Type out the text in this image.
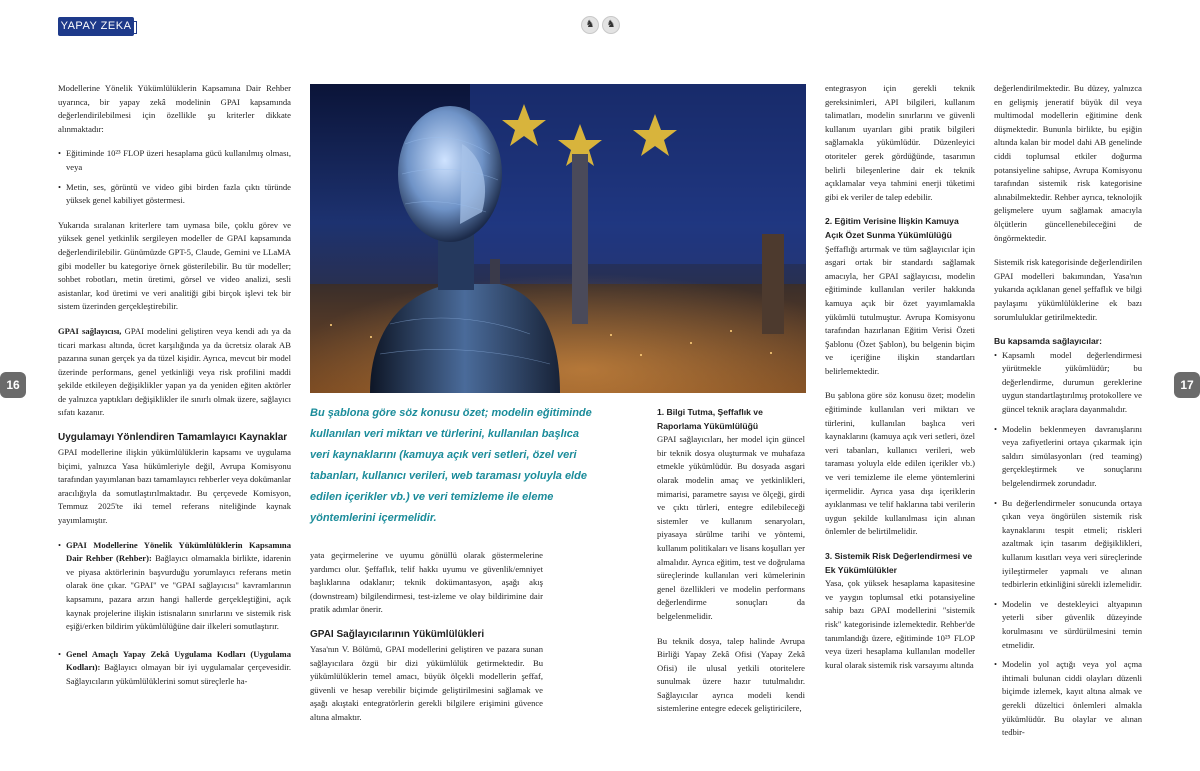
YAPAY ZEKA	♞	♞
16	17

Modellerine Yönelik Yükümlülüklerin Kapsamına Dair Rehber uyarınca, bir yapay zekâ modelinin GPAI kapsamında değerlendirilebilmesi için özellikle şu kriterler dikkate alınmaktadır:

• Eğitiminde 10²³ FLOP üzeri hesaplama gücü kullanılmış olması, veya
• Metin, ses, görüntü ve video gibi birden fazla çıktı türünde yüksek genel kabiliyet göstermesi.

Yukarıda sıralanan kriterlere tam uymasa bile, çoklu görev ve yüksek genel yetkinlik sergileyen modeller de GPAI kapsamında değerlendirilebilir. Günümüzde GPT-5, Claude, Gemini ve LLaMA gibi modeller bu kategoriye örnek gösterilebilir. Bu tür modeller; sohbet robotları, metin üretimi, görsel ve video analizi, sesli asistanlar, kod üretimi ve veri analitiği gibi birçok işlevi tek bir sistem üzerinden gerçekleştirebilir.

GPAI sağlayıcısı, GPAI modelini geliştiren veya kendi adı ya da ticari markası altında, ücret karşılığında ya da ücretsiz olarak AB pazarına sunan gerçek ya da tüzel kişidir. Ayrıca, mevcut bir model üzerinde performans, genel yetkinliği veya risk profilini maddi şekilde etkileyen değişiklikler yapan ya da yeniden eğiten aktörler de yalnızca yaptıkları değişiklikler ile sınırlı olmak üzere, sağlayıcı sıfatı kazanır.

Uygulamayı Yönlendiren Tamamlayıcı Kaynaklar

GPAI modellerine ilişkin yükümlülüklerin kapsamı ve uygulama biçimi, yalnızca Yasa hükümleriyle değil, Avrupa Komisyonu tarafından yayımlanan bazı tamamlayıcı rehberler veya dokümanlar aracılığıyla da somutlaştırılmaktadır. Bu çerçevede Komisyon, Temmuz 2025'te iki temel referans niteliğinde kaynak yayımlamıştır.

• GPAI Modellerine Yönelik Yükümlülüklerin Kapsamına Dair Rehber (Rehber): Bağlayıcı olmamakla birlikte, idarenin ve piyasa aktörlerinin başvurduğu yorumlayıcı referans metin olarak öne çıkar. "GPAI" ve "GPAI sağlayıcısı" kavramlarının kapsamını, pazara arzın hangi hallerde gerçekleştiğini, açık kaynak projelerine ilişkin istisnaların sınırlarını ve sistemik risk eşiği/erken bildirim yükümlülüğüne dair ilkeleri somutlaştırır.
• Genel Amaçlı Yapay Zekâ Uygulama Kodları (Uygulama Kodları): Bağlayıcı olmayan bir iyi uygulamalar çerçevesidir. Sağlayıcıların yükümlülüklerini somut süreçlerle ha-
Bu şablona göre söz konusu özet; modelin eğitiminde kullanılan veri miktarı ve türlerini, kullanılan başlıca veri kaynaklarını (kamuya açık veri setleri, özel veri tabanları, kullanıcı verileri, web taraması yoluyla elde edilen içerikler vb.) ve veri temizleme ile eleme yöntemlerini içermelidir.

yata geçirmelerine ve uyumu gönüllü olarak göstermelerine yardımcı olur. Şeffaflık, telif hakkı uyumu ve güvenlik/emniyet başlıklarına odaklanır; teknik dokümantasyon, aşağı akış (downstream) bilgilendirmesi, test-izleme ve olay bildirimine dair pratik adımlar önerir.

GPAI Sağlayıcılarının Yükümlülükleri

Yasa'nın V. Bölümü, GPAI modellerini geliştiren ve pazara sunan sağlayıcılara özgü bir dizi yükümlülük getirmektedir. Bu yükümlülüklerin temel amacı, büyük ölçekli modellerin şeffaf, güvenli ve hesap verebilir biçimde geliştirilmesini sağlamak ve aşağı akıştaki entegratörlerin gerekli bilgilere erişimini güvence altına almaktır.

1. Bilgi Tutma, Şeffaflık ve Raporlama Yükümlülüğü

GPAI sağlayıcıları, her model için güncel bir teknik dosya oluşturmak ve muhafaza etmekle yükümlüdür. Bu dosyada asgari olarak modelin amaç ve yetkinlikleri, mimarisi, parametre sayısı ve ölçeği, girdi ve çıktı türleri, entegre edilebileceği sistemler ve kullanım senaryoları, piyasaya sürülme tarihi ve yöntemi, kullanım politikaları ve lisans koşulları yer almalıdır. Ayrıca eğitim, test ve doğrulama süreçlerinde kullanılan veri kümelerinin genel özellikleri ve modelin performans değerlendirme sonuçları da belgelenmelidir.

Bu teknik dosya, talep halinde Avrupa Birliği Yapay Zekâ Ofisi (Yapay Zekâ Ofisi) ile ulusal yetkili otoritelere sunulmak üzere hazır tutulmalıdır. Sağlayıcılar ayrıca modeli kendi sistemlerine entegre edecek geliştiricilere,

entegrasyon için gerekli teknik gereksinimleri, API bilgileri, kullanım talimatları, modelin sınırlarını ve güvenli kullanım uyarıları gibi pratik bilgileri sağlamakla yükümlüdür. Düzenleyici otoriteler gerek gördüğünde, tasarımın belirli bileşenlerine dair ek teknik açıklamalar veya tahmini enerji tüketimi gibi ek veriler de talep edebilir.

2. Eğitim Verisine İlişkin Kamuya Açık Özet Sunma Yükümlülüğü

Şeffaflığı artırmak ve tüm sağlayıcılar için asgari ortak bir standardı sağlamak amacıyla, her GPAI sağlayıcısı, modelin eğitiminde kullanılan veriler hakkında kamuya açık bir özet yayımlamakla yükümlü tutulmuştur. Avrupa Komisyonu tarafından hazırlanan Eğitim Verisi Özeti Şablonu (Özet Şablon), bu belgenin biçim ve içeriğine ilişkin standartları belirlemektedir.

Bu şablona göre söz konusu özet; modelin eğitiminde kullanılan veri miktarı ve türlerini, kullanılan başlıca veri kaynaklarını (kamuya açık veri setleri, özel veri tabanları, kullanıcı verileri, web taraması yoluyla elde edilen içerikler vb.) ve veri temizleme ile eleme yöntemlerini içermelidir. Ayrıca yasa dışı içeriklerin ayıklanması ve telif haklarına tabi verilerin uygun şekilde kullanılması için alınan önlemler de belirtilmelidir.

3. Sistemik Risk Değerlendirmesi ve Ek Yükümlülükler

Yasa, çok yüksek hesaplama kapasitesine ve yaygın toplumsal etki potansiyeline sahip bazı GPAI modellerini "sistemik risk" kategorisinde izlemektedir. Rehber'de tanımlandığı üzere, eğitiminde 10²⁵ FLOP veya üzeri hesaplama kullanılan modeller kural olarak sistemik risk varsayımı altında

değerlendirilmektedir. Bu düzey, yalnızca en gelişmiş jeneratif büyük dil veya multimodal modellerin eğitimine denk düşmektedir. Bununla birlikte, bu eşiğin altında kalan bir model dahi AB genelinde ciddi toplumsal etkiler doğurma potansiyeline sahipse, Avrupa Komisyonu tarafından sistemik risk kategorisine alınabilmektedir. Rehber ayrıca, teknolojik gelişmelere uyum sağlamak amacıyla ölçütlerin güncellenebileceğini de öngörmektedir.

Sistemik risk kategorisinde değerlendirilen GPAI modelleri bakımından, Yasa'nın yukarıda açıklanan genel şeffaflık ve bilgi paylaşımı yükümlülüklerine ek bazı sorumluluklar getirilmektedir.

Bu kapsamda sağlayıcılar:
• Kapsamlı model değerlendirmesi yürütmekle yükümlüdür; bu değerlendirme, durumun gereklerine uygun standartlaştırılmış protokollere ve güncel teknik araçlara dayanmalıdır.
• Modelin beklenmeyen davranışlarını veya zafiyetlerini ortaya çıkarmak için saldırı simülasyonları (red teaming) gerçekleştirmek ve sonuçlarını belgelendirmek zorundadır.
• Bu değerlendirmeler sonucunda ortaya çıkan veya öngörülen sistemik risk kaynaklarını tespit etmeli; riskleri azaltmak için tasarım değişiklikleri, kullanım kısıtları veya veri süreçlerinde iyileştirmeler yapmalı ve alınan tedbirlerin etkinliğini sürekli izlemelidir.
• Modelin ve destekleyici altyapının yeterli siber güvenlik düzeyinde korulmasını ve sürdürülmesini temin etmelidir.
• Modelin yol açtığı veya yol açma ihtimali bulunan ciddi olayları düzenli biçimde izlemek, kayıt altına almak ve gerekli düzeltici önlemleri almakla yükümlüdür. Bu olaylar ve alınan tedbir-
